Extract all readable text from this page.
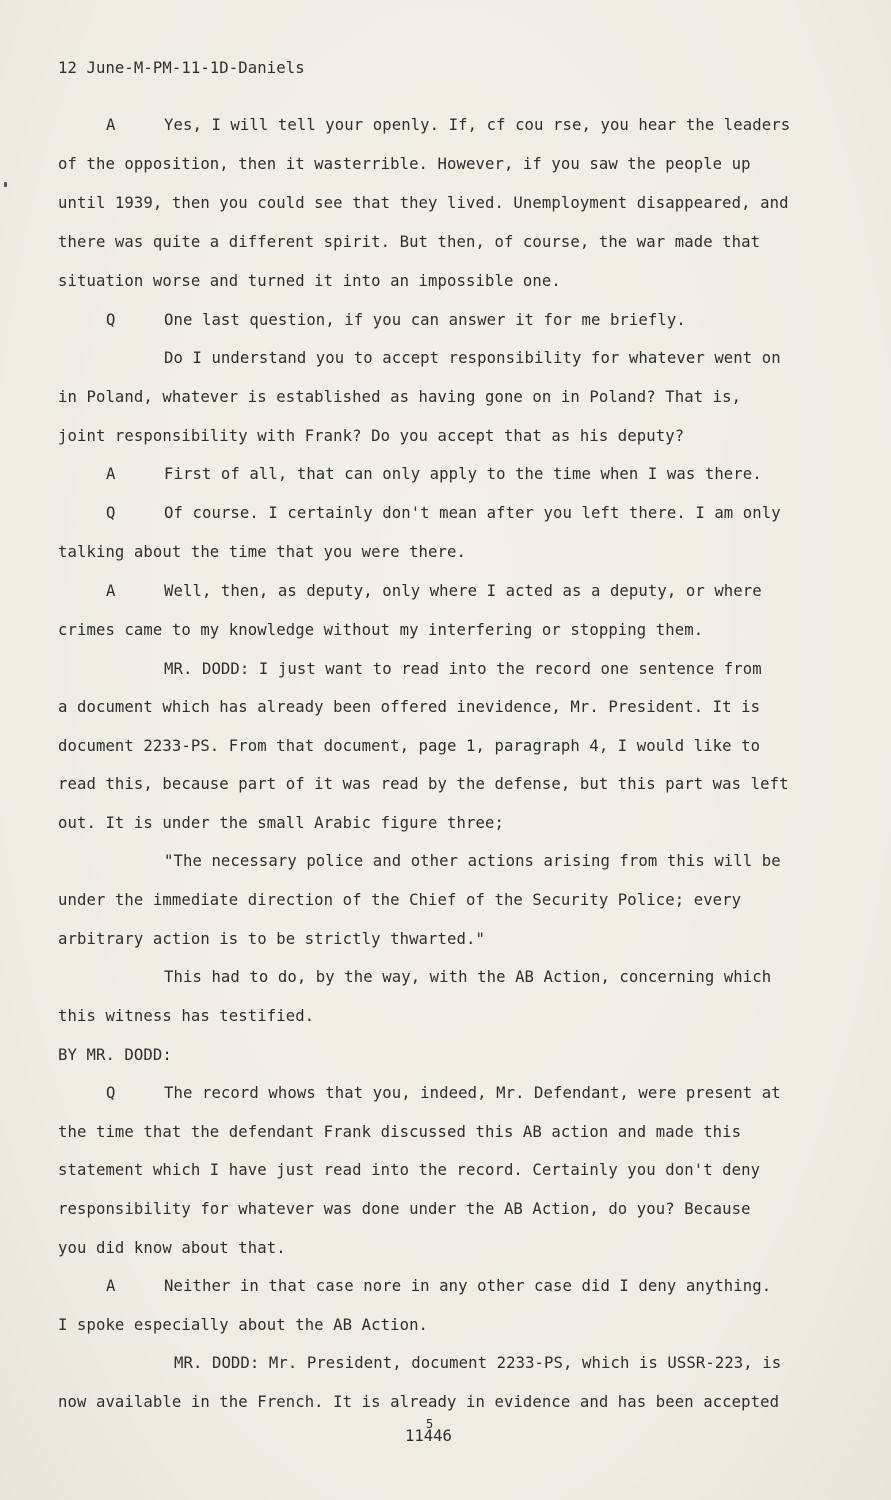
12 June-M-PM-11-1D-Daniels
A	Yes, I will tell your openly. If, cf cou rse, you hear the leaders
of the opposition, then it wasterrible. However, if you saw the people up
until 1939, then you could see that they lived. Unemployment disappeared, and
there was quite a different spirit. But then, of course, the war made that
situation worse and turned it into an impossible one.
Q	One last question, if you can answer it for me briefly.
Do I understand you to accept responsibility for whatever went on
in Poland, whatever is established as having gone on in Poland? That is,
joint responsibility with Frank? Do you accept that as his deputy?
A	First of all, that can only apply to the time when I was there.
Q	Of course. I certainly don't mean after you left there. I am only
talking about the time that you were there.
A	Well, then, as deputy, only where I acted as a deputy, or where
crimes came to my knowledge without my interfering or stopping them.
MR. DODD: I just want to read into the record one sentence from
a document which has already been offered inevidence, Mr. President. It is
document 2233-PS. From that document, page 1, paragraph 4, I would like to
read this, because part of it was read by the defense, but this part was left
out. It is under the small Arabic figure three;
"The necessary police and other actions arising from this will be
under the immediate direction of the Chief of the Security Police; every
arbitrary action is to be strictly thwarted."
This had to do, by the way, with the AB Action, concerning which
this witness has testified.
BY MR. DODD:
Q	The record whows that you, indeed, Mr. Defendant, were present at
the time that the defendant Frank discussed this AB action and made this
statement which I have just read into the record. Certainly you don't deny
responsibility for whatever was done under the AB Action, do you? Because
you did know about that.
A	Neither in that case nore in any other case did I deny anything.
I spoke especially about the AB Action.
MR. DODD: Mr. President, document 2233-PS, which is USSR-223, is
now available in the French. It is already in evidence and has been accepted
11446
5
